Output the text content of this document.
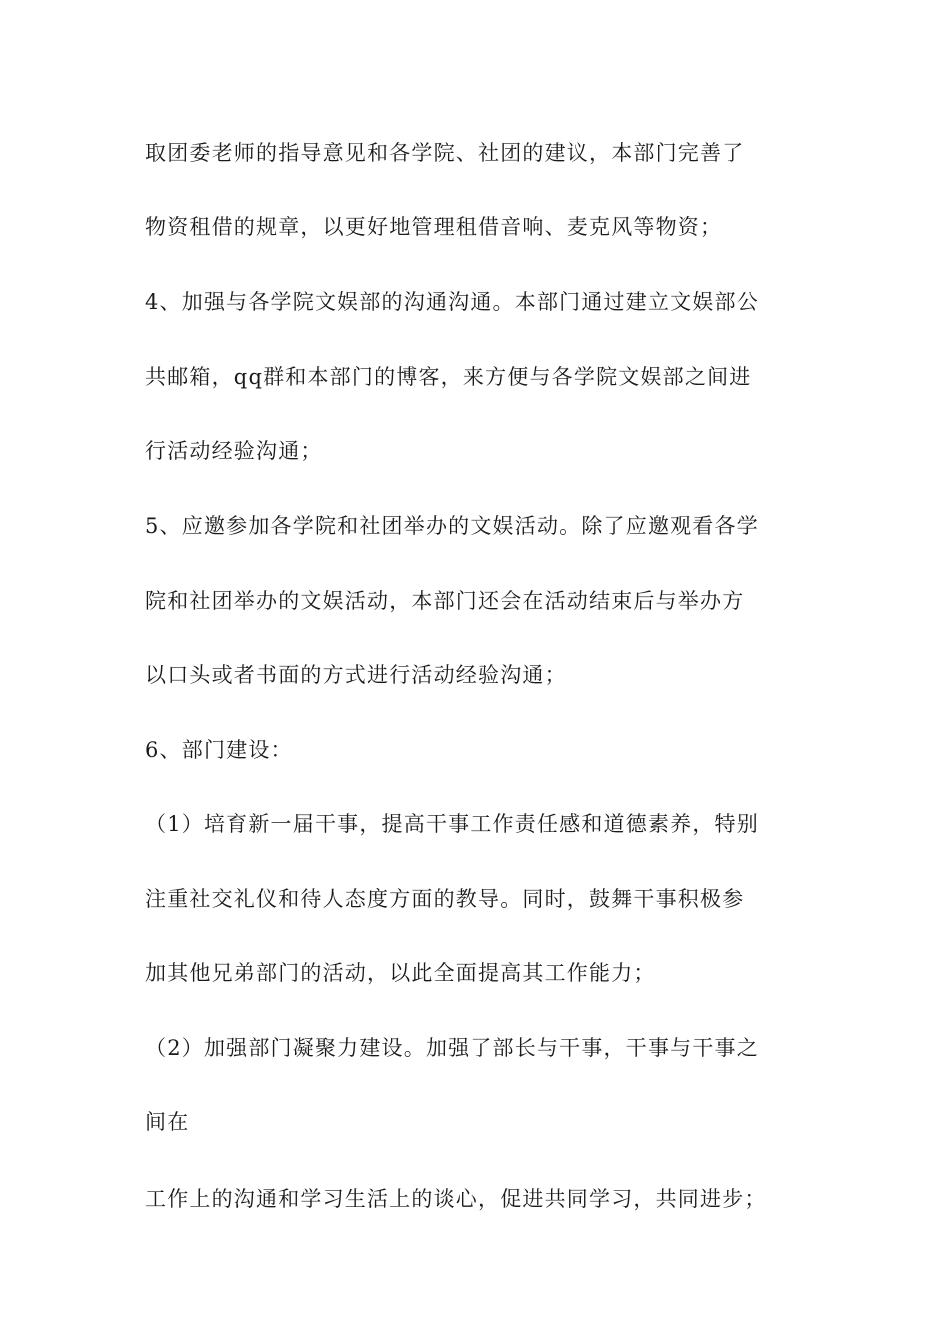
取团委老师的指导意见和各学院、社团的建议，本部门完善了
物资租借的规章，以更好地管理租借音响、麦克风等物资；
4、加强与各学院文娱部的沟通沟通。本部门通过建立文娱部公
共邮箱，qq群和本部门的博客，来方便与各学院文娱部之间进
行活动经验沟通；
5、应邀参加各学院和社团举办的文娱活动。除了应邀观看各学
院和社团举办的文娱活动，本部门还会在活动结束后与举办方
以口头或者书面的方式进行活动经验沟通；
6、部门建设：
（1）培育新一届干事，提高干事工作责任感和道德素养，特别
注重社交礼仪和待人态度方面的教导。同时，鼓舞干事积极参
加其他兄弟部门的活动，以此全面提高其工作能力；
（2）加强部门凝聚力建设。加强了部长与干事，干事与干事之
间在
工作上的沟通和学习生活上的谈心，促进共同学习，共同进步；
